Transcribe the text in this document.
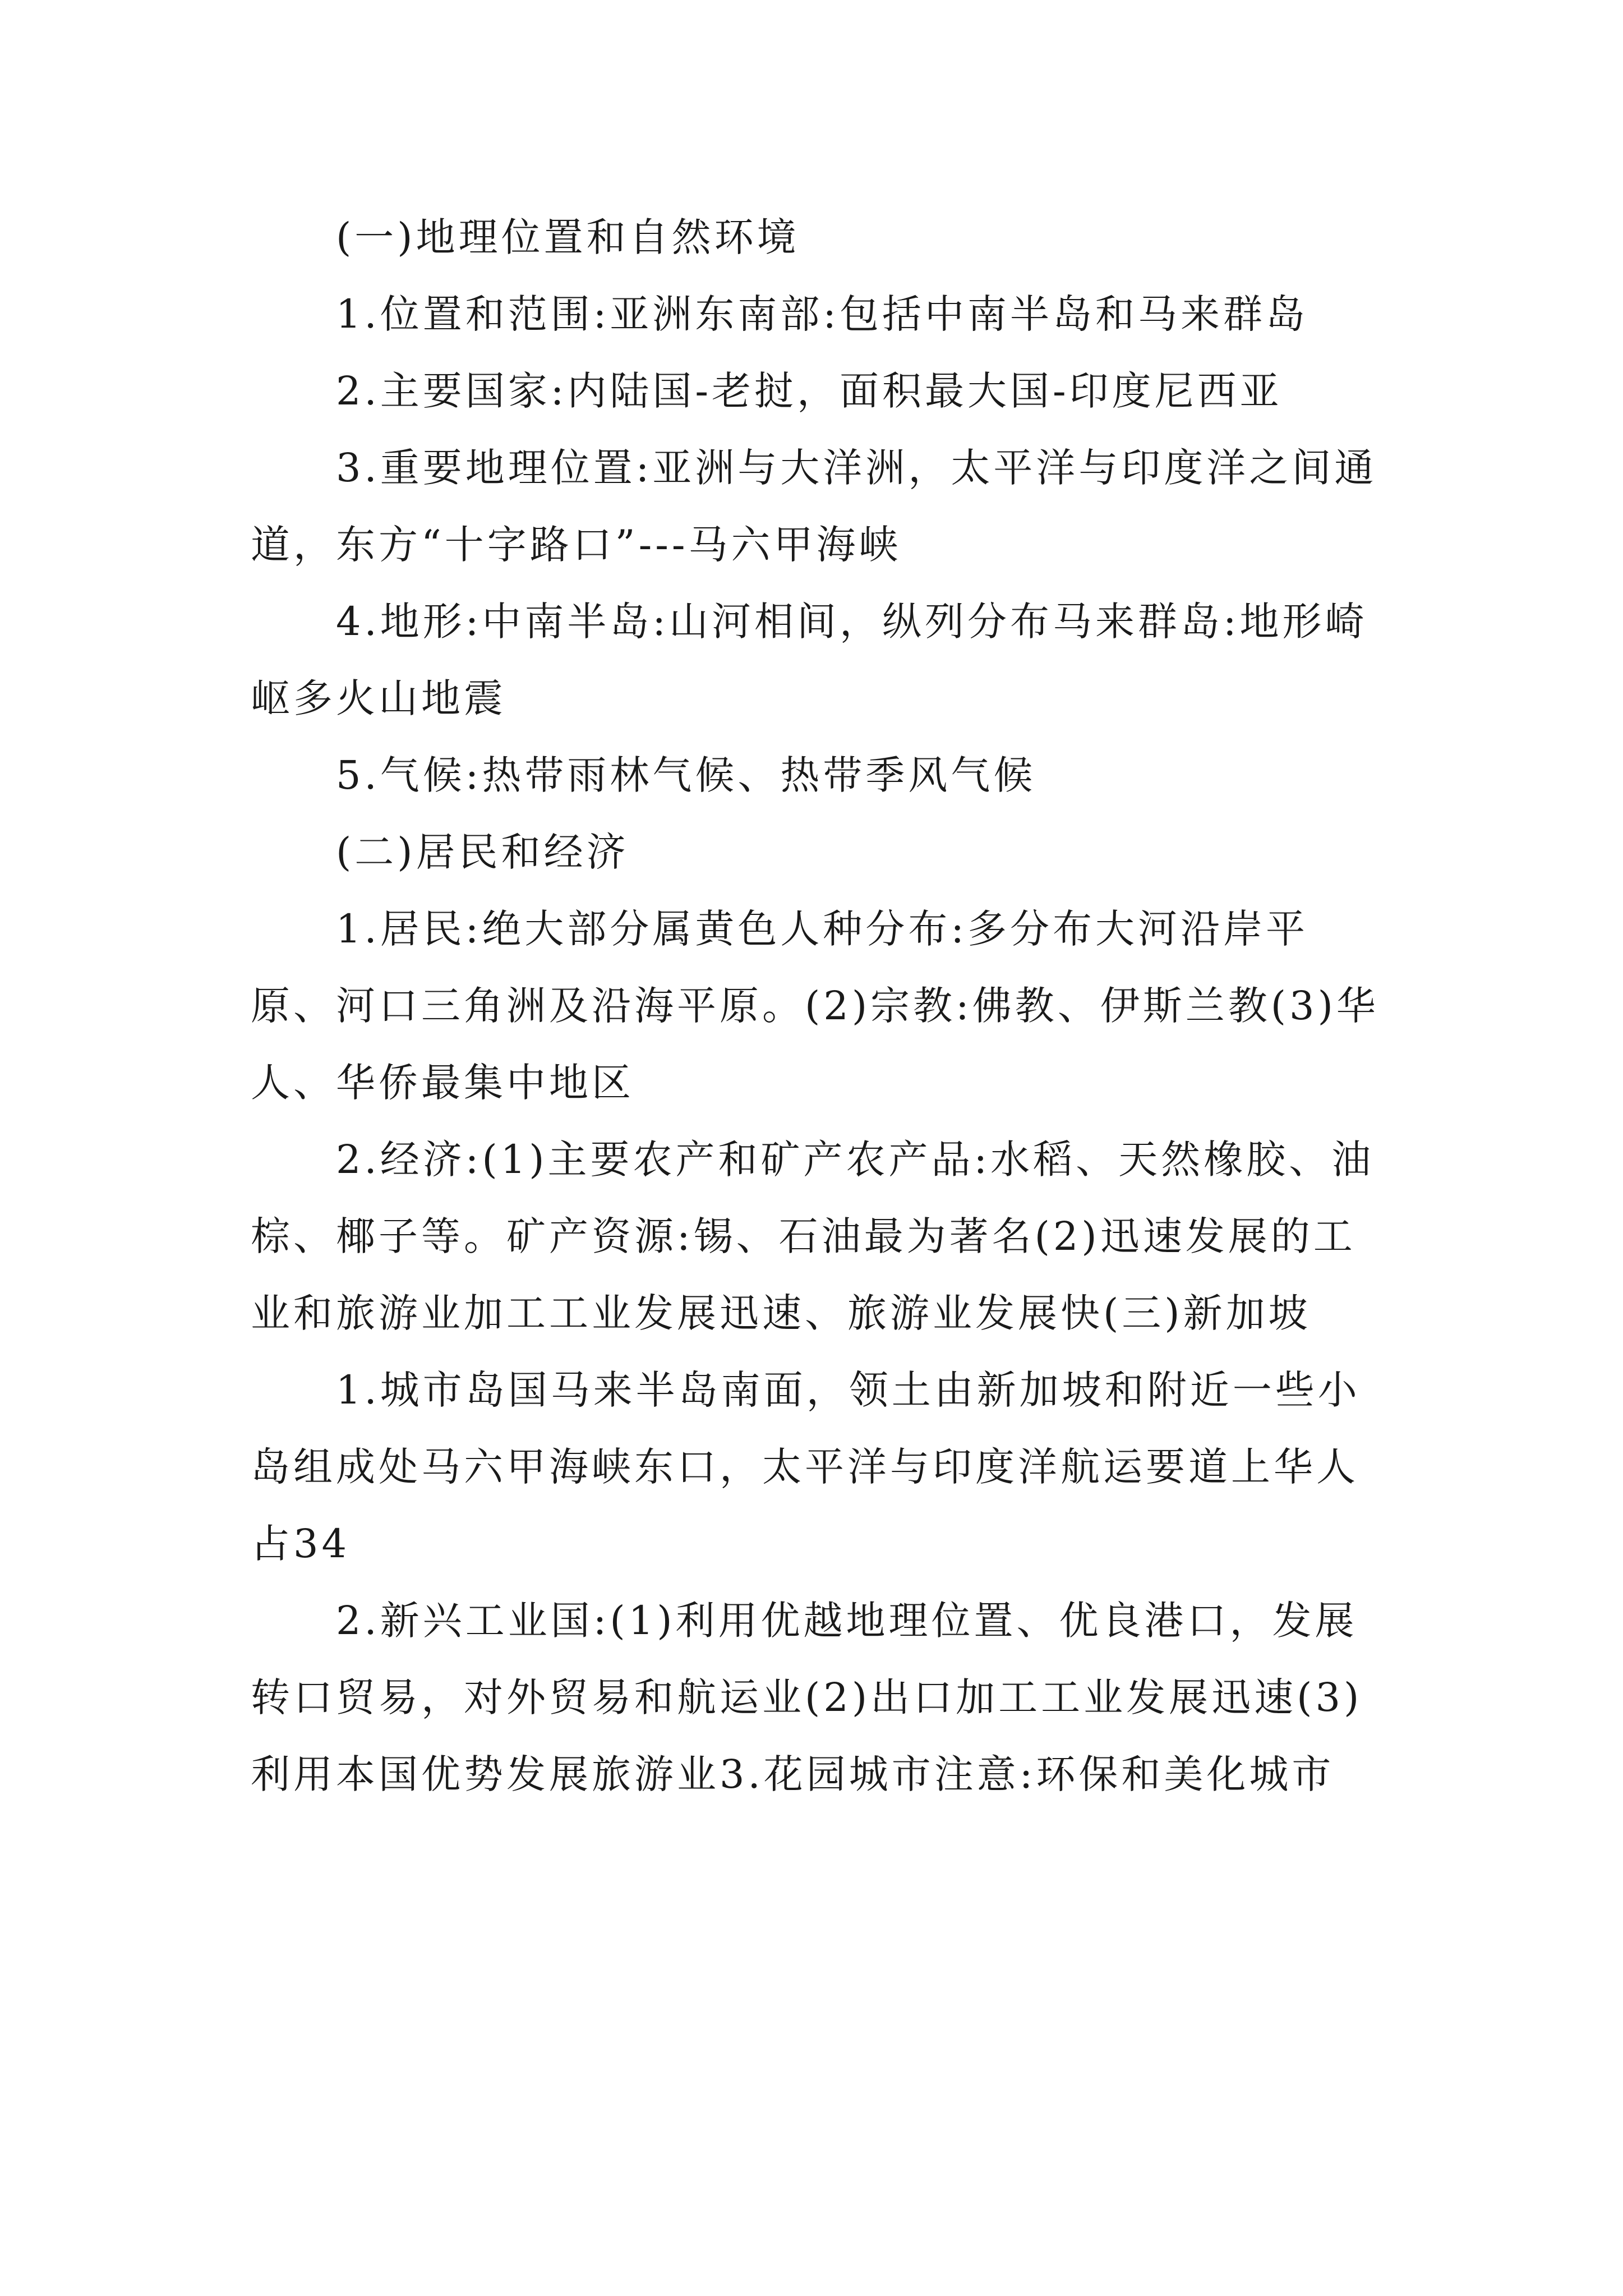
(一)地理位置和自然环境

1.位置和范围:亚洲东南部:包括中南半岛和马来群岛

2.主要国家:内陆国-老挝，面积最大国-印度尼西亚

3.重要地理位置:亚洲与大洋洲，太平洋与印度洋之间通道，东方“十字路口”---马六甲海峡

4.地形:中南半岛:山河相间，纵列分布马来群岛:地形崎岖多火山地震

5.气候:热带雨林气候、热带季风气候

(二)居民和经济

1.居民:绝大部分属黄色人种分布:多分布大河沿岸平原、河口三角洲及沿海平原。(2)宗教:佛教、伊斯兰教(3)华人、华侨最集中地区

2.经济:(1)主要农产和矿产农产品:水稻、天然橡胶、油棕、椰子等。矿产资源:锡、石油最为著名(2)迅速发展的工业和旅游业加工工业发展迅速、旅游业发展快(三)新加坡

1.城市岛国马来半岛南面，领土由新加坡和附近一些小岛组成处马六甲海峡东口，太平洋与印度洋航运要道上华人占34

2.新兴工业国:(1)利用优越地理位置、优良港口，发展转口贸易，对外贸易和航运业(2)出口加工工业发展迅速(3)利用本国优势发展旅游业3.花园城市注意:环保和美化城市
